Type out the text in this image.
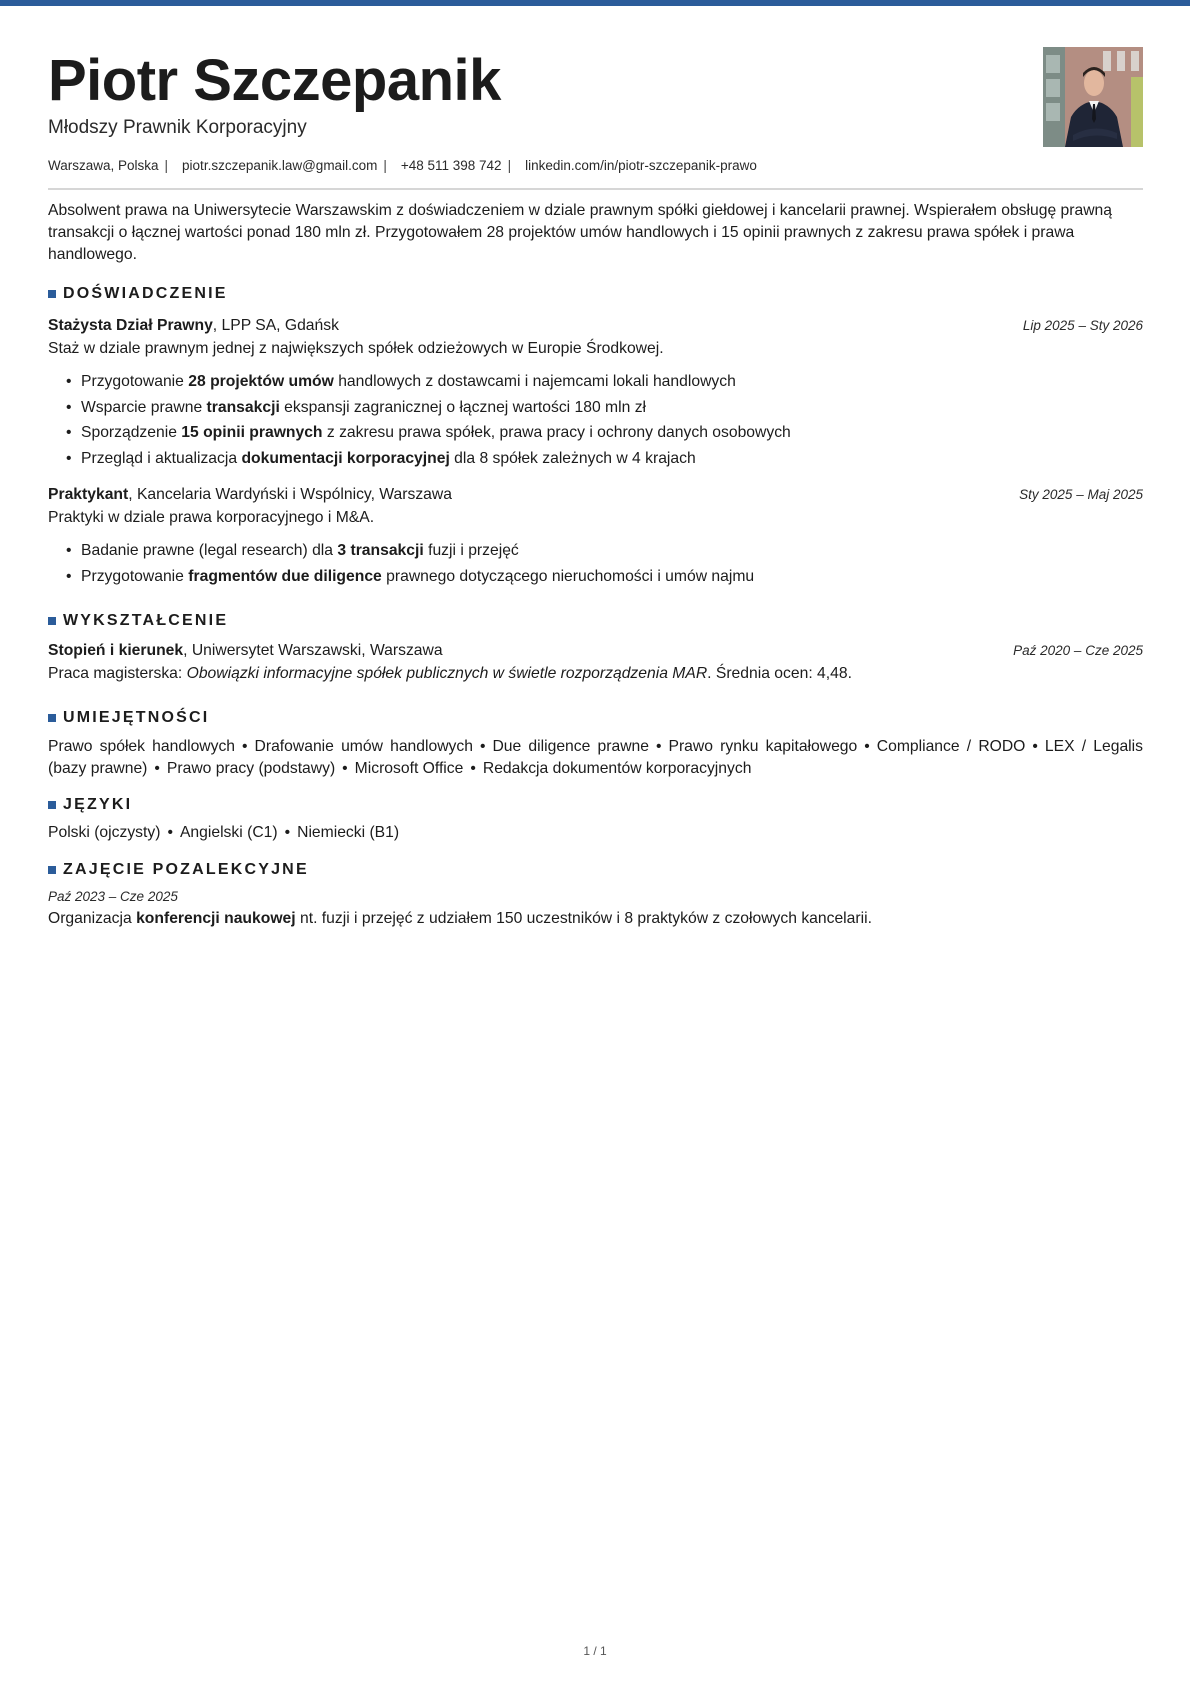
Piotr Szczepanik
Młodszy Prawnik Korporacyjny
Warszawa, Polska | piotr.szczepanik.law@gmail.com | +48 511 398 742 | linkedin.com/in/piotr-szczepanik-prawo
Absolwent prawa na Uniwersytecie Warszawskim z doświadczeniem w dziale prawnym spółki giełdowej i kancelarii prawnej. Wspierałem obsługę prawną transakcji o łącznej wartości ponad 180 mln zł. Przygotowałem 28 projektów umów handlowych i 15 opinii prawnych z zakresu prawa spółek i prawa handlowego.
DOŚWIADCZENIE
Stażysta Dział Prawny, LPP SA, Gdańsk	Lip 2025 – Sty 2026
Staż w dziale prawnym jednej z największych spółek odzieżowych w Europie Środkowej.
• Przygotowanie 28 projektów umów handlowych z dostawcami i najemcami lokali handlowych
• Wsparcie prawne transakcji ekspansji zagranicznej o łącznej wartości 180 mln zł
• Sporządzenie 15 opinii prawnych z zakresu prawa spółek, prawa pracy i ochrony danych osobowych
• Przegląd i aktualizacja dokumentacji korporacyjnej dla 8 spółek zależnych w 4 krajach
Praktykant, Kancelaria Wardyński i Wspólnicy, Warszawa	Sty 2025 – Maj 2025
Praktyki w dziale prawa korporacyjnego i M&A.
• Badanie prawne (legal research) dla 3 transakcji fuzji i przejęć
• Przygotowanie fragmentów due diligence prawnego dotyczącego nieruchomości i umów najmu
WYKSZTAŁCENIE
Stopień i kierunek, Uniwersytet Warszawski, Warszawa	Paź 2020 – Cze 2025
Praca magisterska: Obowiązki informacyjne spółek publicznych w świetle rozporządzenia MAR. Średnia ocen: 4,48.
UMIEJĘTNOŚCI
Prawo spółek handlowych • Drafowanie umów handlowych • Due diligence prawne • Prawo rynku kapitałowego • Compliance / RODO • LEX / Legalis (bazy prawne) • Prawo pracy (podstawy) • Microsoft Office • Redakcja dokumentów korporacyjnych
JĘZYKI
Polski (ojczysty) • Angielski (C1) • Niemiecki (B1)
ZAJĘCIE POZALEKCYJNE
Paź 2023 – Cze 2025
Organizacja konferencji naukowej nt. fuzji i przejęć z udziałem 150 uczestników i 8 praktyków z czołowych kancelarii.
1 / 1
